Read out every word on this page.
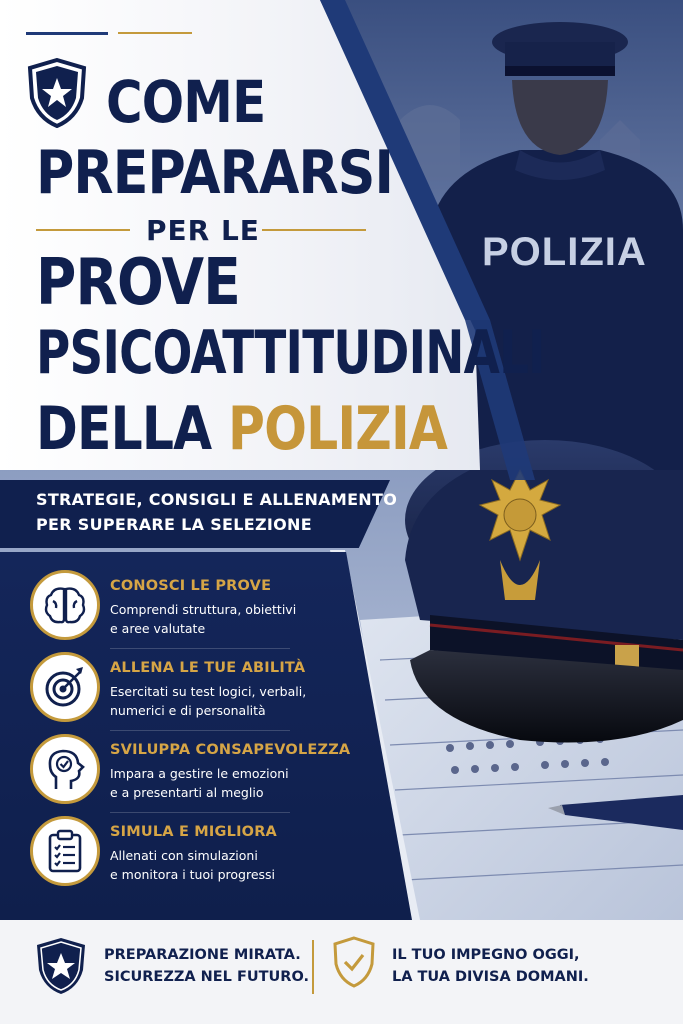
POLIZIA
COME
PREPARARSI
PER LE
PROVE
PSICOATTITUDINALI
DELLA POLIZIA
STRATEGIE, CONSIGLI E ALLENAMENTO
PER SUPERARE LA SELEZIONE
CONOSCI LE PROVE
Comprendi struttura, obiettivi
e aree valutate
ALLENA LE TUE ABILITÀ
Esercitati su test logici, verbali,
numerici e di personalità
SVILUPPA CONSAPEVOLEZZA
Impara a gestire le emozioni
e a presentarti al meglio
SIMULA E MIGLIORA
Allenati con simulazioni
e monitora i tuoi progressi
PREPARAZIONE MIRATA.
SICUREZZA NEL FUTURO.
IL TUO IMPEGNO OGGI,
LA TUA DIVISA DOMANI.
